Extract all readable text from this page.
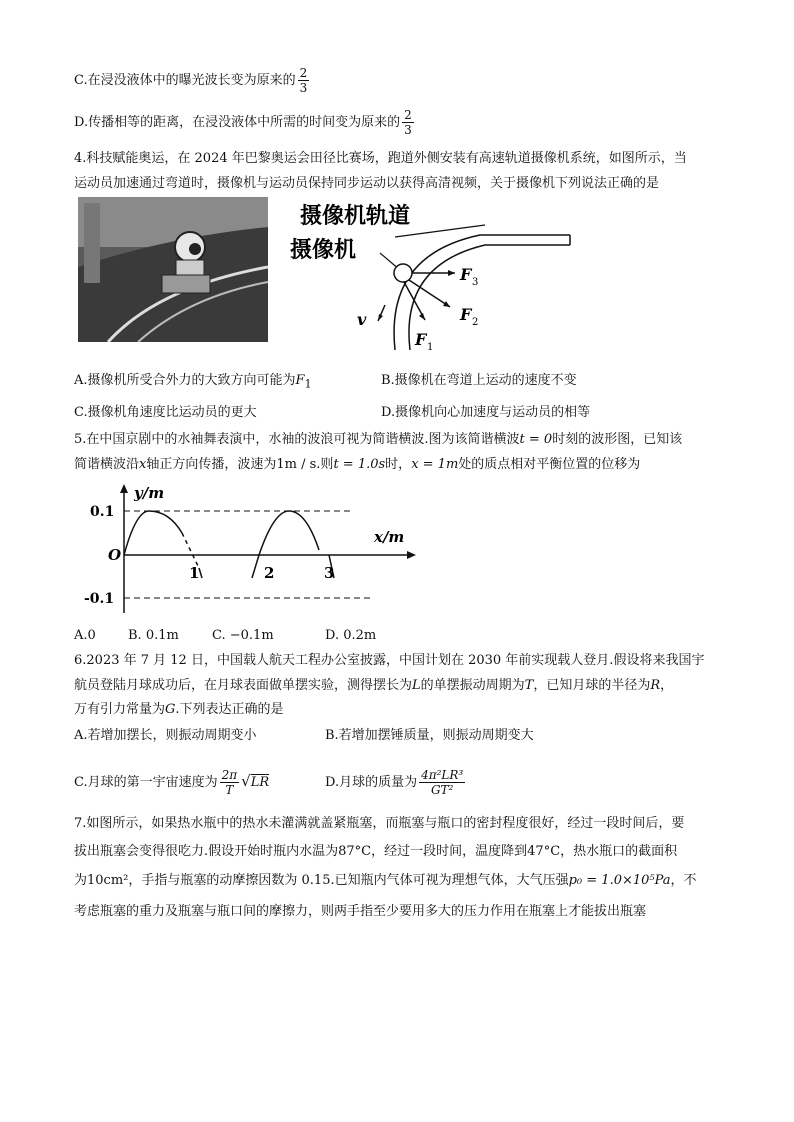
C.在浸没液体中的曝光波长变为原来的 $\frac{2}{3}$
D.传播相等的距离，在浸没液体中所需的时间变为原来的 $\frac{2}{3}$
4.科技赋能奥运，在 2024 年巴黎奥运会田径比赛场，跑道外侧安装有高速轨道摄像机系统，如图所示，当
运动员加速通过弯道时，摄像机与运动员保持同步运动以获得高清视频，关于摄像机下列说法正确的是
摄像机轨道
摄像机
F 3
F 2
F 1
v
A.摄像机所受合外力的大致方向可能为$F_1$	B.摄像机在弯道上运动的速度不变
C.摄像机角速度比运动员的更大	D.摄像机向心加速度与运动员的相等
5.在中国京剧中的水袖舞表演中，水袖的波浪可视为简谐横波.图为该简谐横波t = 0时刻的波形图，已知该
简谐横波沿x轴正方向传播，波速为1m / s.则t = 1.0s时，x = 1m处的质点相对平衡位置的位移为
y/m
x/m
O
0.1
-0.1
1	2	3
A.0 B. 0.1m	C. −0.1m	D. 0.2m
6.2023 年 7 月 12 日，中国载人航天工程办公室披露，中国计划在 2030 年前实现载人登月.假设将来我国宇
航员登陆月球成功后，在月球表面做单摆实验，测得摆长为L的单摆振动周期为T，已知月球的半径为R，
万有引力常量为G.下列表达正确的是
A.若增加摆长，则振动周期变小	B.若增加摆锤质量，则振动周期变大
C.月球的第一宇宙速度为 $\frac{2\pi}{T} √LR$	D.月球的质量为 $\frac{\text{4π²LR³}}{\text{GT²}}$
7.如图所示，如果热水瓶中的热水未灌满就盖紧瓶塞，而瓶塞与瓶口的密封程度很好，经过一段时间后，要
拔出瓶塞会变得很吃力.假设开始时瓶内水温为87°C，经过一段时间，温度降到47°C，热水瓶口的截面积
为10cm²，手指与瓶塞的动摩擦因数为 0.15.已知瓶内气体可视为理想气体，大气压强p₀ = 1.0×10⁵Pa，不
考虑瓶塞的重力及瓶塞与瓶口间的摩擦力，则两手指至少要用多大的压力作用在瓶塞上才能拔出瓶塞
